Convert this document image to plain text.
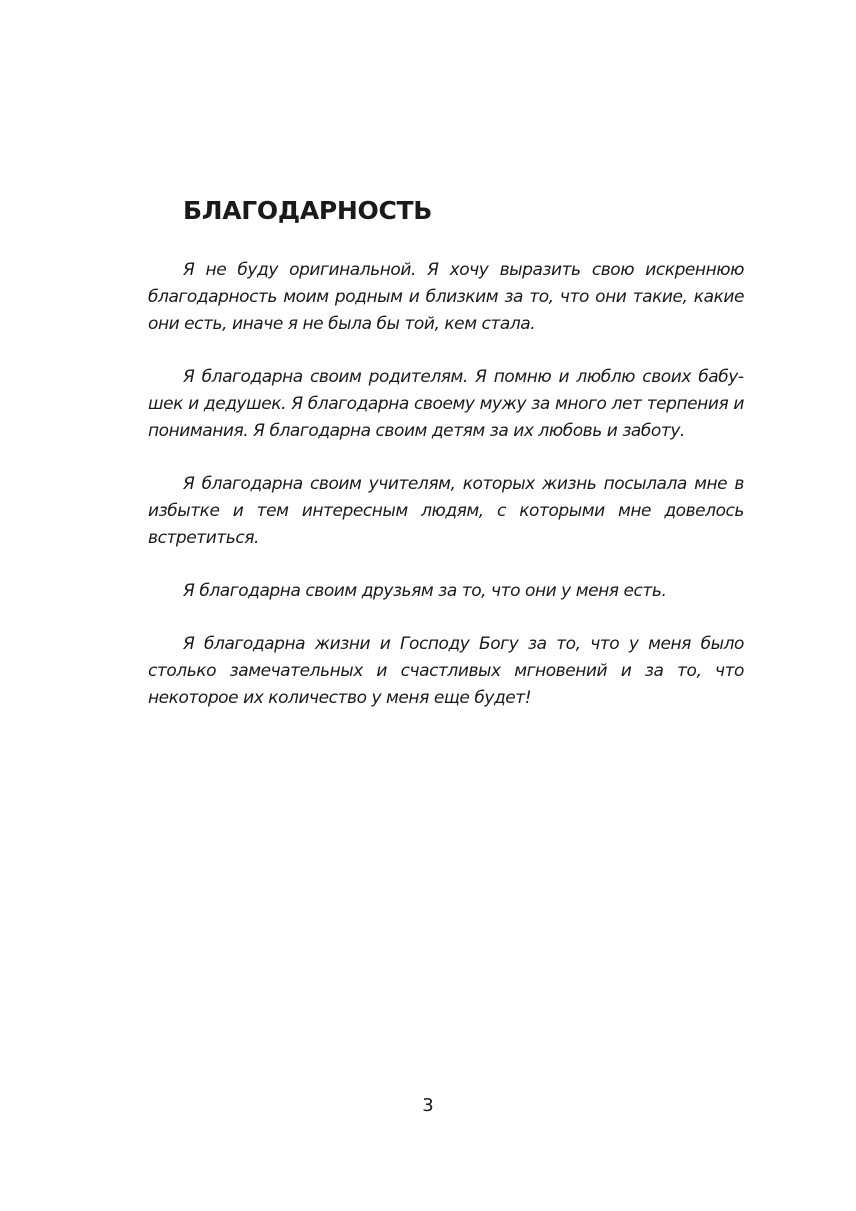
БЛАГОДАРНОСТЬ

Я не буду оригинальной. Я хочу выразить свою искреннюю благодарность моим родным и близким за то, что они такие, какие они есть, иначе я не была бы той, кем стала.

Я благодарна своим родителям. Я помню и люблю своих бабушек и дедушек. Я благодарна своему мужу за много лет терпения и понимания. Я благодарна своим детям за их любовь и заботу.

Я благодарна своим учителям, которых жизнь посылала мне в избытке и тем интересным людям, с которыми мне довелось встретиться.

Я благодарна своим друзьям за то, что они у меня есть.

Я благодарна жизни и Господу Богу за то, что у меня было столько замечательных и счастливых мгновений и за то, что некоторое их количество у меня еще будет!

3
